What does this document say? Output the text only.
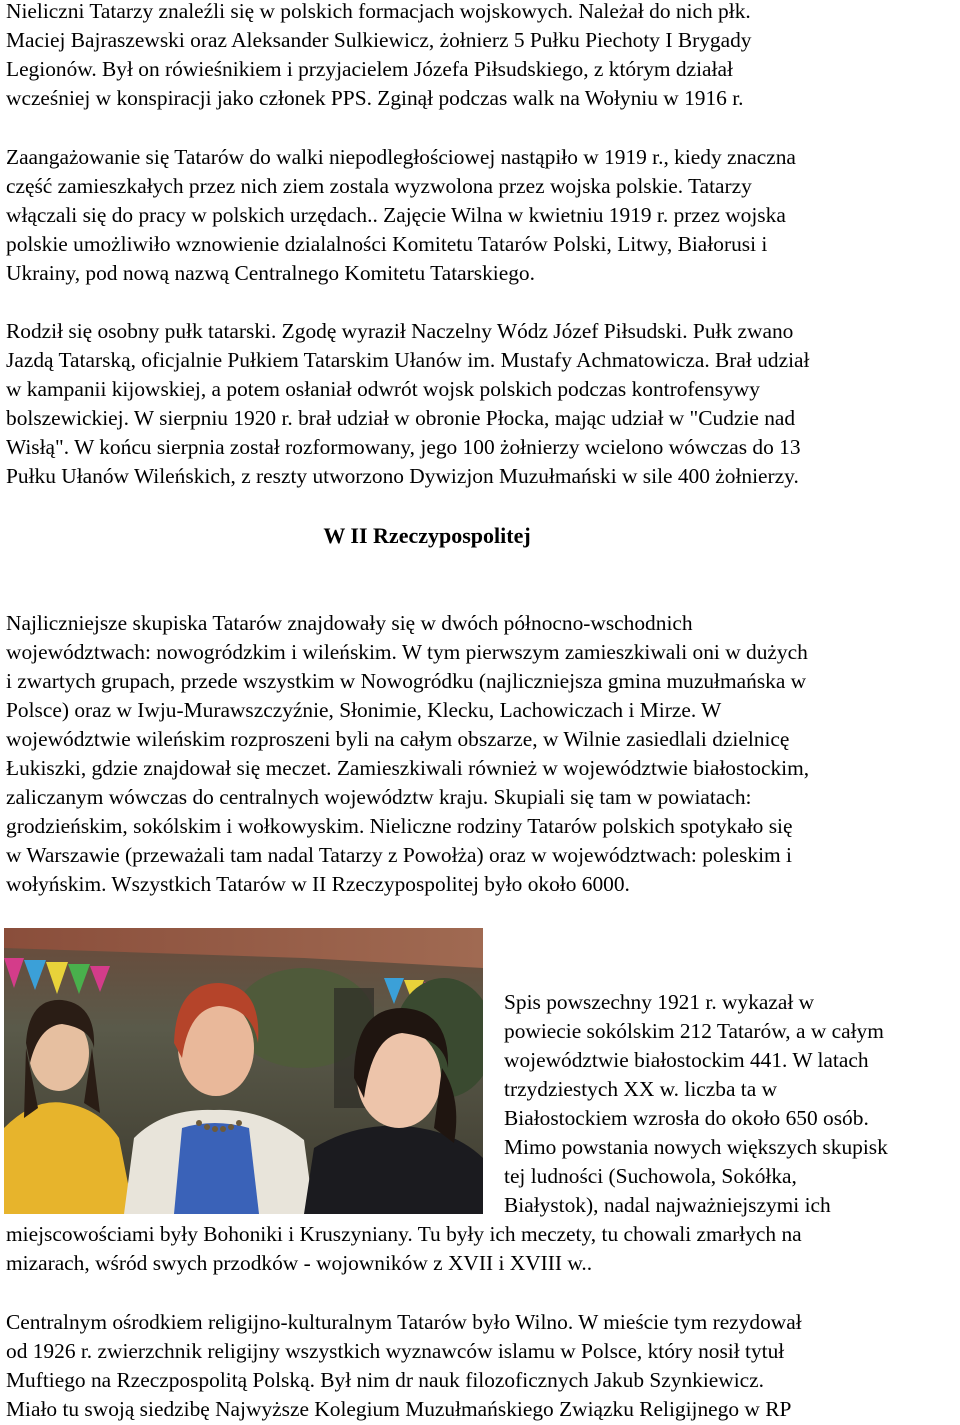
Nieliczni Tatarzy znaleźli się w polskich formacjach wojskowych. Należał do nich płk.
Maciej Bajraszewski oraz Aleksander Sulkiewicz, żołnierz 5 Pułku Piechoty I Brygady
Legionów. Był on rówieśnikiem i przyjacielem Józefa Piłsudskiego, z którym działał
wcześniej w konspiracji jako członek PPS. Zginął podczas walk na Wołyniu w 1916 r.
Zaangażowanie się Tatarów do walki niepodległościowej nastąpiło w 1919 r., kiedy znaczna
część zamieszkałych przez nich ziem zostala wyzwolona przez wojska polskie. Tatarzy
włączali się do pracy w polskich urzędach.. Zajęcie Wilna w kwietniu 1919 r. przez wojska
polskie umożliwiło wznowienie dzialalności Komitetu Tatarów Polski, Litwy, Białorusi i
Ukrainy, pod nową nazwą Centralnego Komitetu Tatarskiego.
Rodził się osobny pułk tatarski. Zgodę wyraził Naczelny Wódz Józef Piłsudski. Pułk zwano
Jazdą Tatarską, oficjalnie Pułkiem Tatarskim Ułanów im. Mustafy Achmatowicza. Brał udział
w kampanii kijowskiej, a potem osłaniał odwrót wojsk polskich podczas kontrofensywy
bolszewickiej. W sierpniu 1920 r. brał udział w obronie Płocka, mając udział w "Cudzie nad
Wisłą". W końcu sierpnia został rozformowany, jego 100 żołnierzy wcielono wówczas do 13
Pułku Ułanów Wileńskich, z reszty utworzono Dywizjon Muzułmański w sile 400 żołnierzy.
W II Rzeczypospolitej
Najliczniejsze skupiska Tatarów znajdowały się w dwóch północno-wschodnich
województwach: nowogródzkim i wileńskim. W tym pierwszym zamieszkiwali oni w dużych
i zwartych grupach, przede wszystkim w Nowogródku (najliczniejsza gmina muzułmańska w
Polsce) oraz w Iwju-Murawszczyźnie, Słonimie, Klecku, Lachowiczach i Mirze. W
województwie wileńskim rozproszeni byli na całym obszarze, w Wilnie zasiedlali dzielnicę
Łukiszki, gdzie znajdował się meczet. Zamieszkiwali również w województwie białostockim,
zaliczanym wówczas do centralnych województw kraju. Skupiali się tam w powiatach:
grodzieńskim, sokólskim i wołkowyskim. Nieliczne rodziny Tatarów polskich spotykało się
w Warszawie (przeważali tam nadal Tatarzy z Powołża) oraz w województwach: poleskim i
wołyńskim. Wszystkich Tatarów w II Rzeczypospolitej było około 6000.
Spis powszechny 1921 r. wykazał w
powiecie sokólskim 212 Tatarów, a w całym
województwie białostockim 441. W latach
trzydziestych XX w. liczba ta w
Białostockiem wzrosła do około 650 osób.
Mimo powstania nowych większych skupisk
tej ludności (Suchowola, Sokółka,
Białystok), nadal najważniejszymi ich
miejscowościami były Bohoniki i Kruszyniany. Tu były ich meczety, tu chowali zmarłych na
mizarach, wśród swych przodków - wojowników z XVII i XVIII w..
Centralnym ośrodkiem religijno-kulturalnym Tatarów było Wilno. W mieście tym rezydował
od 1926 r. zwierzchnik religijny wszystkich wyznawców islamu w Polsce, który nosił tytuł
Muftiego na Rzeczpospolitą Polską. Był nim dr nauk filozoficznych Jakub Szynkiewicz.
Miało tu swoją siedzibę Najwyższe Kolegium Muzułmańskiego Związku Religijnego w RP
